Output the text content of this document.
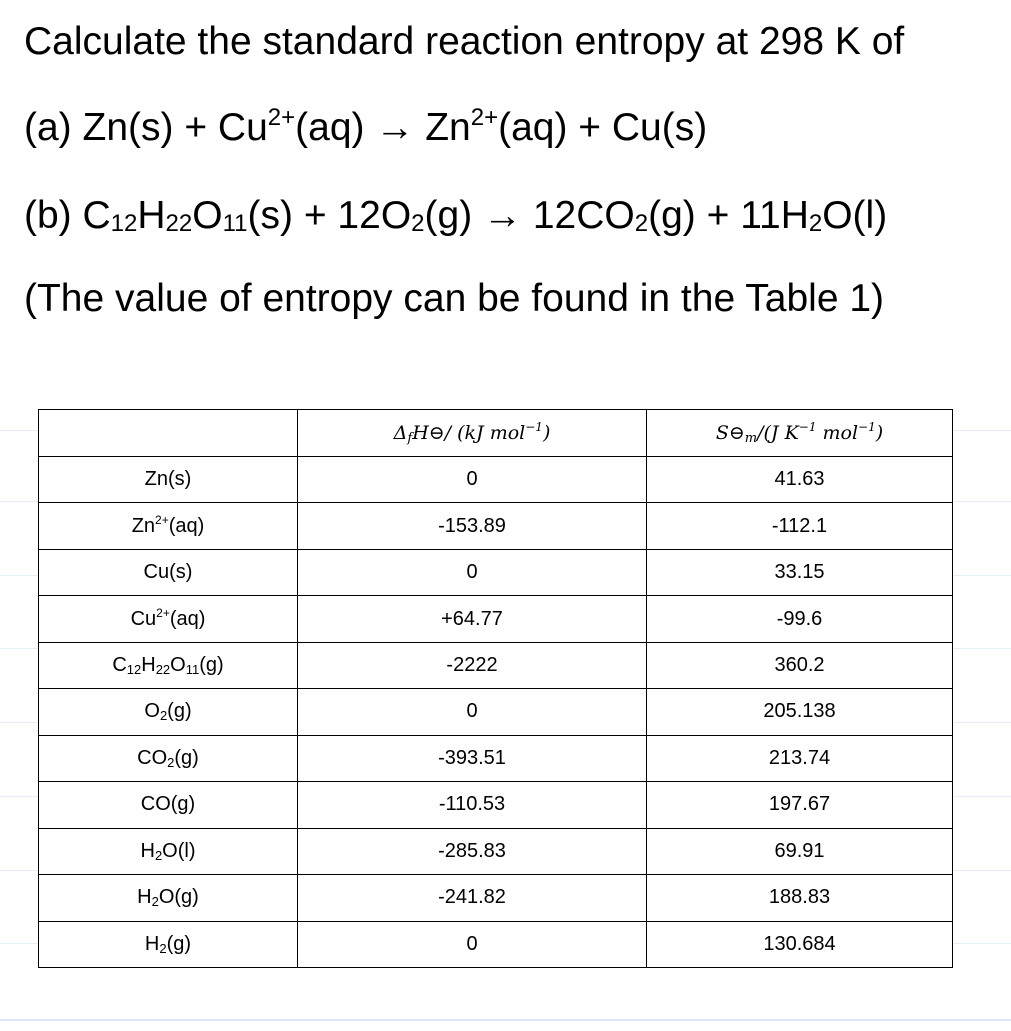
Calculate the standard reaction entropy at 298 K of
(a) $Zn(s) + Cu^{2+}(aq) \to Zn^{2+}(aq) + Cu(s)$
(b) $C_{12}H_{22}O_{11}(s) + 12O_2(g) \to 12CO_2(g) + 11H_2O(l)$
(The value of entropy can be found in the Table 1)
	$\Delta_fH⊖/$ (kJ mol$^{-1}$)	$S⊖_m/(J$ $K^{-1}$ mol$^{-1}$)
Zn(s)	0	41.63
$Zn^{2+}(aq)$	-153.89	-112.1
Cu(s)	0	33.15
$Cu^{2+}(aq)$	+64.77	-99.6
$C_{12}H_{22}O_{11}(g)$	-2222	360.2
$O_2(g)$	0	205.138
$CO_2(g)$	-393.51	213.74
CO(g)	-110.53	197.67
$H_2O(l)$	-285.83	69.91
$H_2O(g)$	-241.82	188.83
$H_2(g)$	0	130.684
